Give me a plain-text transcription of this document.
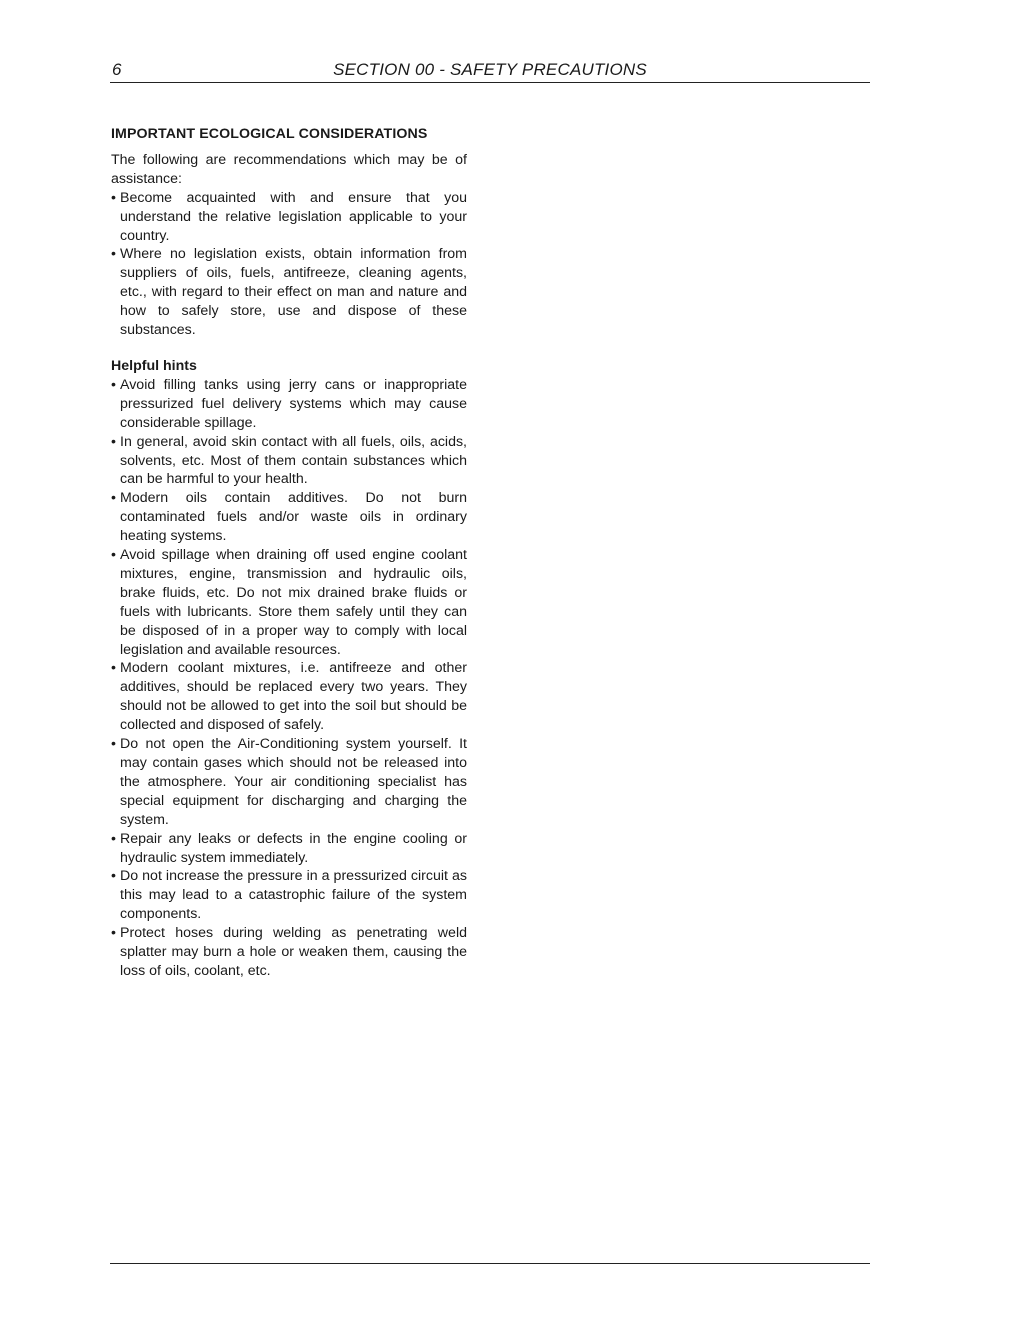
6	SECTION 00 - SAFETY PRECAUTIONS
IMPORTANT ECOLOGICAL CONSIDERATIONS

The following are recommendations which may be of assistance:

• Become acquainted with and ensure that you understand the relative legislation applicable to your country.
• Where no legislation exists, obtain information from suppliers of oils, fuels, antifreeze, cleaning agents, etc., with regard to their effect on man and nature and how to safely store, use and dispose of these substances.
Helpful hints
• Avoid filling tanks using jerry cans or inappropriate pressurized fuel delivery systems which may cause considerable spillage.
• In general, avoid skin contact with all fuels, oils, acids, solvents, etc. Most of them contain substances which can be harmful to your health.
• Modern oils contain additives. Do not burn contaminated fuels and/or waste oils in ordinary heating systems.
• Avoid spillage when draining off used engine coolant mixtures, engine, transmission and hydraulic oils, brake fluids, etc. Do not mix drained brake fluids or fuels with lubricants. Store them safely until they can be disposed of in a proper way to comply with local legislation and available resources.
• Modern coolant mixtures, i.e. antifreeze and other additives, should be replaced every two years. They should not be allowed to get into the soil but should be collected and disposed of safely.
• Do not open the Air-Conditioning system yourself. It may contain gases which should not be released into the atmosphere. Your air conditioning specialist has special equipment for discharging and charging the system.
• Repair any leaks or defects in the engine cooling or hydraulic system immediately.
• Do not increase the pressure in a pressurized circuit as this may lead to a catastrophic failure of the system components.
• Protect hoses during welding as penetrating weld splatter may burn a hole or weaken them, causing the loss of oils, coolant, etc.
